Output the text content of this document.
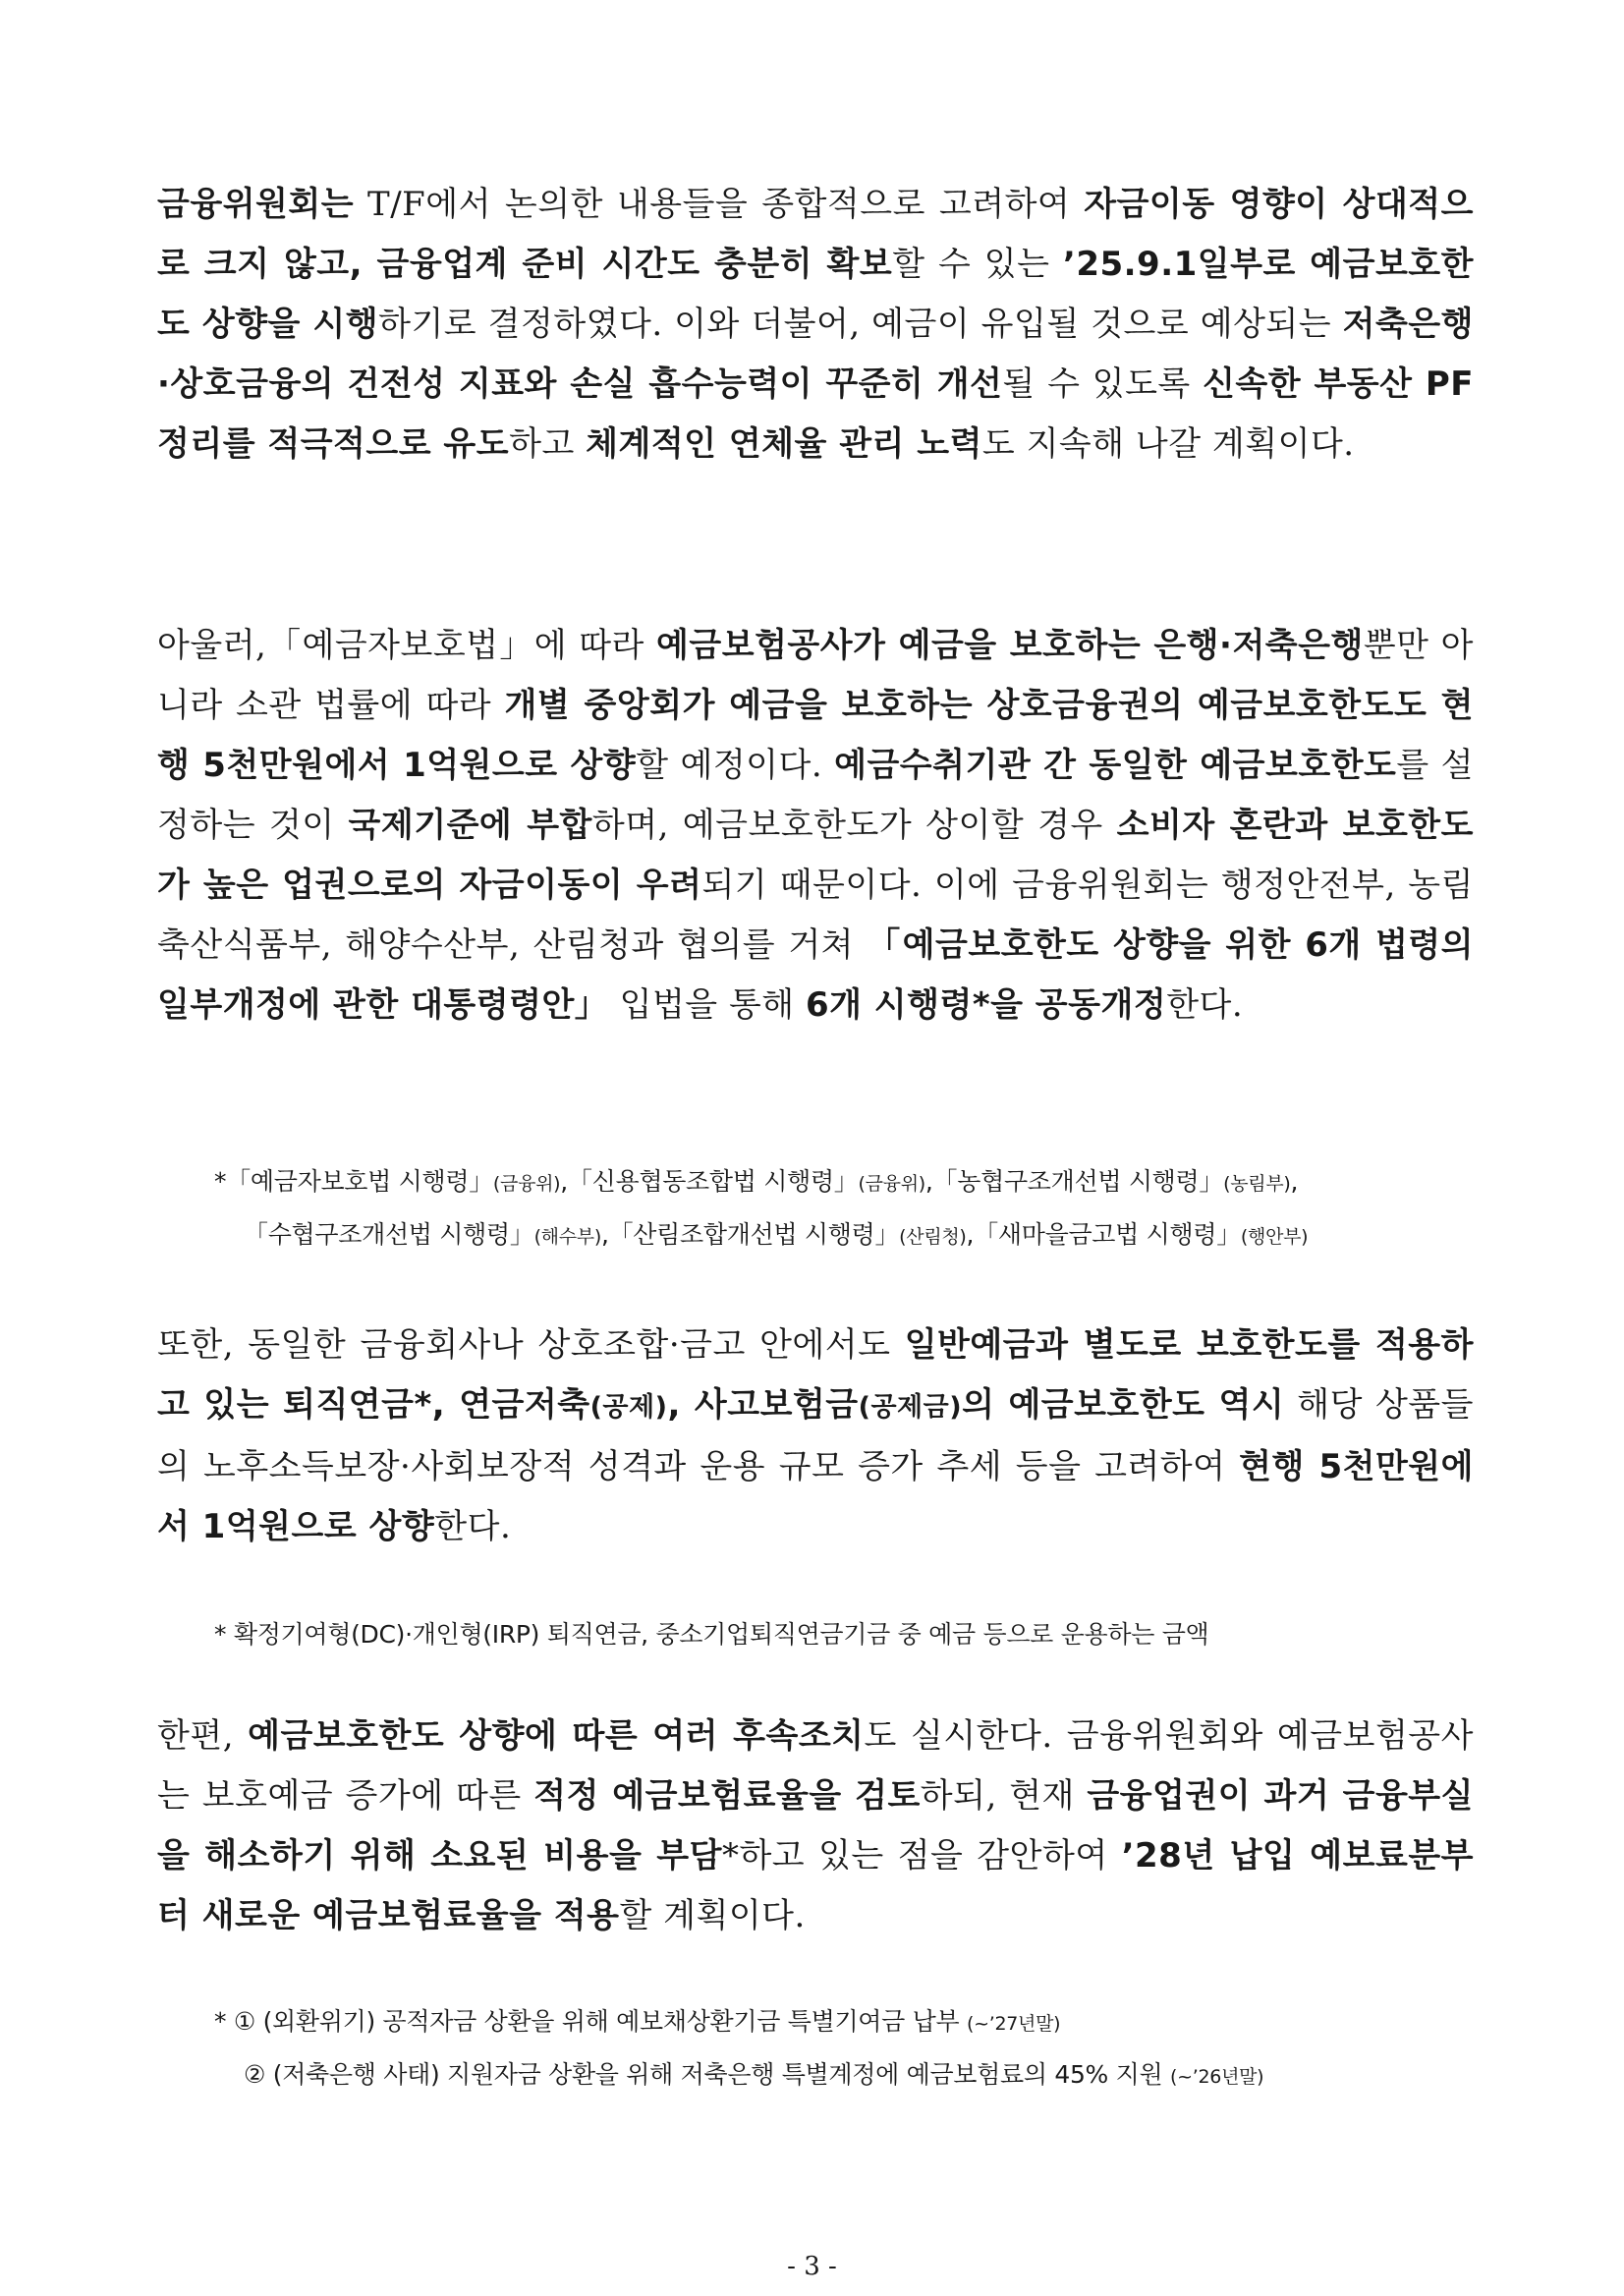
금융위원회는 T/F에서 논의한 내용들을 종합적으로 고려하여 자금이동 영향이 상대적으로 크지 않고, 금융업계 준비 시간도 충분히 확보할 수 있는 ’25.9.1일부로 예금보호한도 상향을 시행하기로 결정하였다. 이와 더불어, 예금이 유입될 것으로 예상되는 저축은행·상호금융의 건전성 지표와 손실 흡수능력이 꾸준히 개선될 수 있도록 신속한 부동산 PF 정리를 적극적으로 유도하고 체계적인 연체율 관리 노력도 지속해 나갈 계획이다.
아울러,「예금자보호법」에 따라 예금보험공사가 예금을 보호하는 은행·저축은행뿐만 아니라 소관 법률에 따라 개별 중앙회가 예금을 보호하는 상호금융권의 예금보호한도도 현행 5천만원에서 1억원으로 상향할 예정이다. 예금수취기관 간 동일한 예금보호한도를 설정하는 것이 국제기준에 부합하며, 예금보호한도가 상이할 경우 소비자 혼란과 보호한도가 높은 업권으로의 자금이동이 우려되기 때문이다. 이에 금융위원회는 행정안전부, 농림축산식품부, 해양수산부, 산림청과 협의를 거쳐 「예금보호한도 상향을 위한 6개 법령의 일부개정에 관한 대통령령안」 입법을 통해 6개 시행령*을 공동개정한다.
*「예금자보호법 시행령」(금융위),「신용협동조합법 시행령」(금융위),「농협구조개선법 시행령」(농림부),
「수협구조개선법 시행령」(해수부),「산림조합개선법 시행령」(산림청),「새마을금고법 시행령」(행안부)
또한, 동일한 금융회사나 상호조합·금고 안에서도 일반예금과 별도로 보호한도를 적용하고 있는 퇴직연금*, 연금저축(공제), 사고보험금(공제금)의 예금보호한도 역시 해당 상품들의 노후소득보장·사회보장적 성격과 운용 규모 증가 추세 등을 고려하여 현행 5천만원에서 1억원으로 상향한다.
* 확정기여형(DC)·개인형(IRP) 퇴직연금, 중소기업퇴직연금기금 중 예금 등으로 운용하는 금액
한편, 예금보호한도 상향에 따른 여러 후속조치도 실시한다. 금융위원회와 예금보험공사는 보호예금 증가에 따른 적정 예금보험료율을 검토하되, 현재 금융업권이 과거 금융부실을 해소하기 위해 소요된 비용을 부담*하고 있는 점을 감안하여 ’28년 납입 예보료분부터 새로운 예금보험료율을 적용할 계획이다.
* ① (외환위기) 공적자금 상환을 위해 예보채상환기금 특별기여금 납부 (~’27년말)
② (저축은행 사태) 지원자금 상환을 위해 저축은행 특별계정에 예금보험료의 45% 지원 (~’26년말)
- 3 -
